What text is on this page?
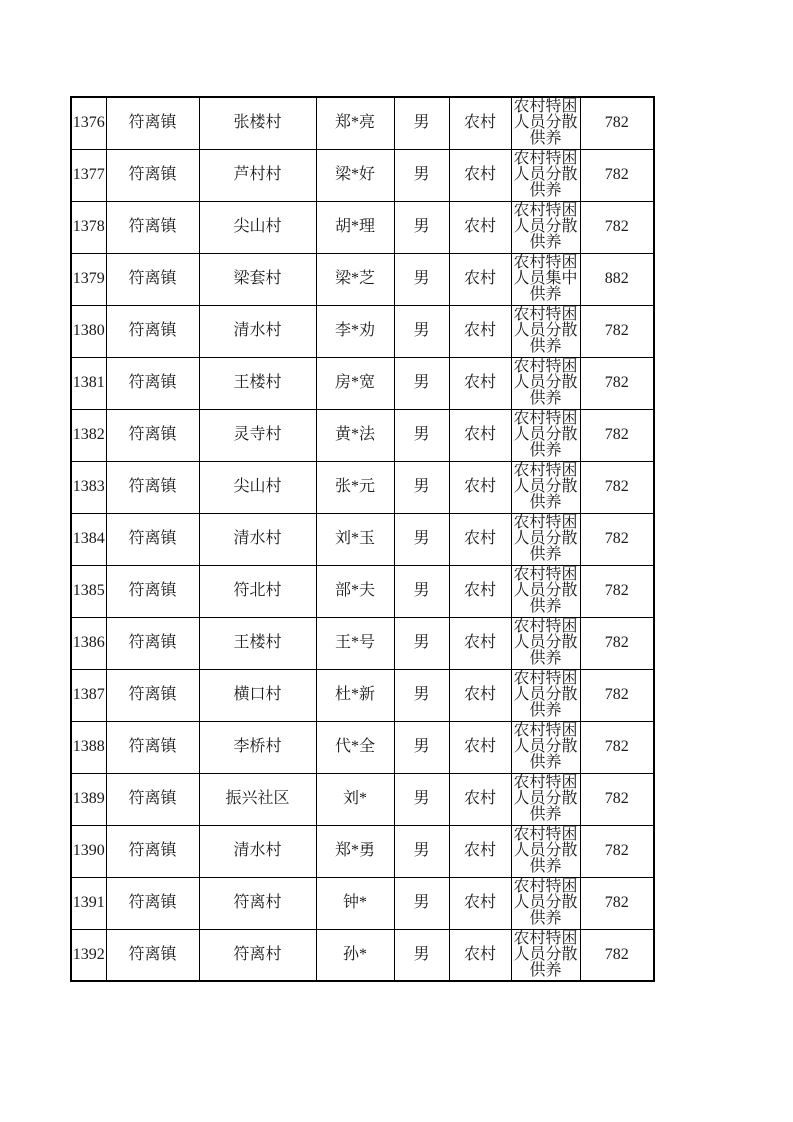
1376	符离镇	张楼村	郑*亮	男	农村	农村特困人员分散供养	782
1377	符离镇	芦村村	梁*好	男	农村	农村特困人员分散供养	782
1378	符离镇	尖山村	胡*理	男	农村	农村特困人员分散供养	782
1379	符离镇	梁套村	梁*芝	男	农村	农村特困人员集中供养	882
1380	符离镇	清水村	李*劝	男	农村	农村特困人员分散供养	782
1381	符离镇	王楼村	房*宽	男	农村	农村特困人员分散供养	782
1382	符离镇	灵寺村	黄*法	男	农村	农村特困人员分散供养	782
1383	符离镇	尖山村	张*元	男	农村	农村特困人员分散供养	782
1384	符离镇	清水村	刘*玉	男	农村	农村特困人员分散供养	782
1385	符离镇	符北村	部*夫	男	农村	农村特困人员分散供养	782
1386	符离镇	王楼村	王*号	男	农村	农村特困人员分散供养	782
1387	符离镇	横口村	杜*新	男	农村	农村特困人员分散供养	782
1388	符离镇	李桥村	代*全	男	农村	农村特困人员分散供养	782
1389	符离镇	振兴社区	刘*	男	农村	农村特困人员分散供养	782
1390	符离镇	清水村	郑*勇	男	农村	农村特困人员分散供养	782
1391	符离镇	符离村	钟*	男	农村	农村特困人员分散供养	782
1392	符离镇	符离村	孙*	男	农村	农村特困人员分散供养	782
